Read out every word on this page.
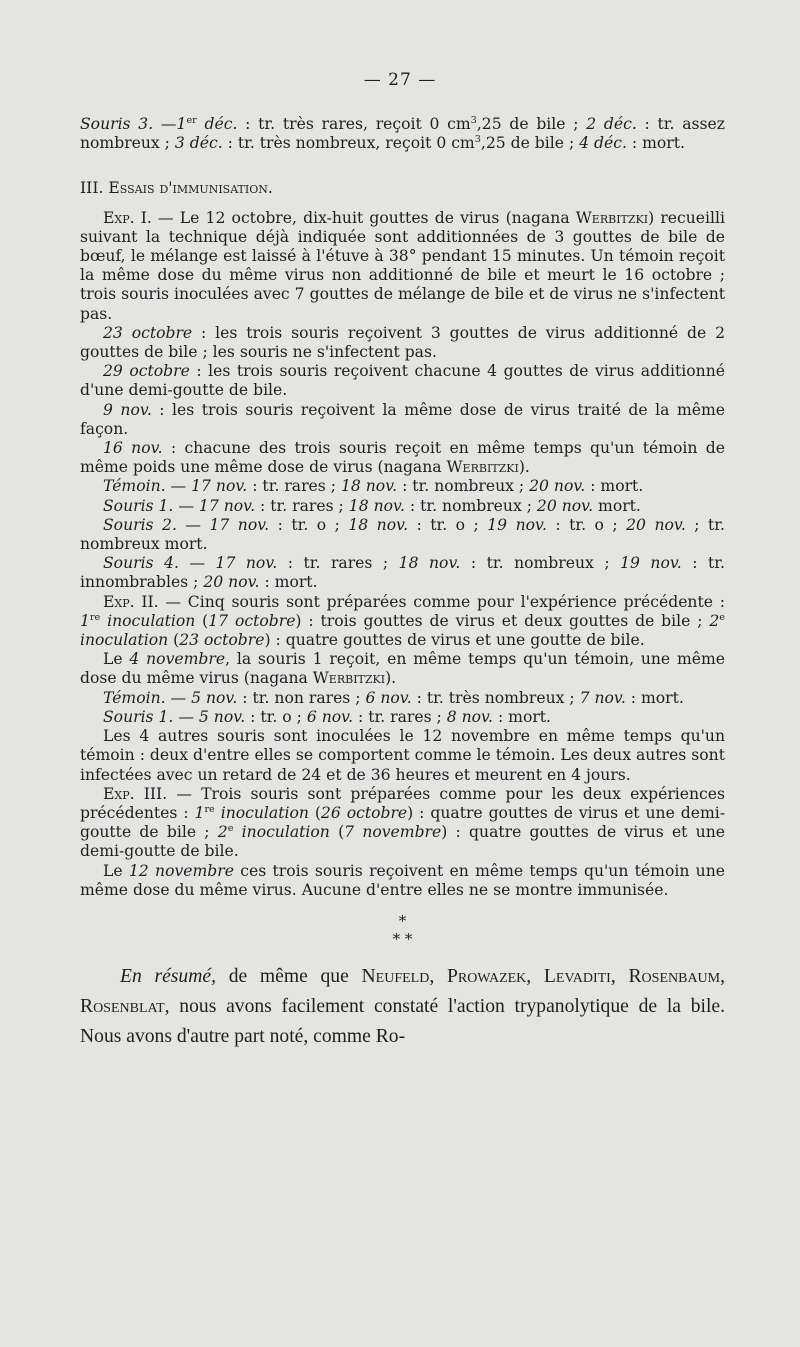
— 27 —

Souris 3. —1er déc. : tr. très rares, reçoit 0 $cm^3,25$ de bile ; 2 déc. : tr. assez nombreux ; 3 déc. : tr. très nombreux, reçoit 0 $cm^3,25$ de bile ; 4 déc. : mort.

III. Essais d'immunisation.

Exp. I. — Le 12 octobre, dix-huit gouttes de virus (nagana Werbitzki) recueilli suivant la technique déjà indiquée sont additionnées de 3 gouttes de bile de bœuf, le mélange est laissé à l'étuve à 38° pendant 15 minutes. Un témoin reçoit la même dose du même virus non additionné de bile et meurt le 16 octobre ; trois souris inoculées avec 7 gouttes de mélange de bile et de virus ne s'infectent pas.

23 octobre : les trois souris reçoivent 3 gouttes de virus additionné de 2 gouttes de bile ; les souris ne s'infectent pas.

29 octobre : les trois souris reçoivent chacune 4 gouttes de virus additionné d'une demi-goutte de bile.

9 nov. : les trois souris reçoivent la même dose de virus traité de la même façon.

16 nov. : chacune des trois souris reçoit en même temps qu'un témoin de même poids une même dose de virus (nagana Werbitzki).

Témoin. — 17 nov. : tr. rares ; 18 nov. : tr. nombreux ; 20 nov. : mort.

Souris 1. — 17 nov. : tr. rares ; 18 nov. : tr. nombreux ; 20 nov. mort.

Souris 2. — 17 nov. : tr. o ; 18 nov. : tr. o ; 19 nov. : tr. o ; 20 nov. ; tr. nombreux mort.

Souris 4. — 17 nov. : tr. rares ; 18 nov. : tr. nombreux ; 19 nov. : tr. innombrables ; 20 nov. : mort.

Exp. II. — Cinq souris sont préparées comme pour l'expérience précédente : 1re inoculation (17 octobre) : trois gouttes de virus et deux gouttes de bile ; 2e inoculation (23 octobre) : quatre gouttes de virus et une goutte de bile.

Le 4 novembre, la souris 1 reçoit, en même temps qu'un témoin, une même dose du même virus (nagana Werbitzki).

Témoin. — 5 nov. : tr. non rares ; 6 nov. : tr. très nombreux ; 7 nov. : mort.

Souris 1. — 5 nov. : tr. o ; 6 nov. : tr. rares ; 8 nov. : mort.

Les 4 autres souris sont inoculées le 12 novembre en même temps qu'un témoin : deux d'entre elles se comportent comme le témoin. Les deux autres sont infectées avec un retard de 24 et de 36 heures et meurent en 4 jours.

Exp. III. — Trois souris sont préparées comme pour les deux expériences précédentes : 1re inoculation (26 octobre) : quatre gouttes de virus et une demi-goutte de bile ; 2e inoculation (7 novembre) : quatre gouttes de virus et une demi-goutte de bile.

Le 12 novembre ces trois souris reçoivent en même temps qu'un témoin une même dose du même virus. Aucune d'entre elles ne se montre immunisée.

*
* *

En résumé, de même que Neufeld, Prowazek, Levaditi, Rosenbaum, Rosenblat, nous avons facilement constaté l'action trypanolytique de la bile. Nous avons d'autre part noté, comme Ro-
